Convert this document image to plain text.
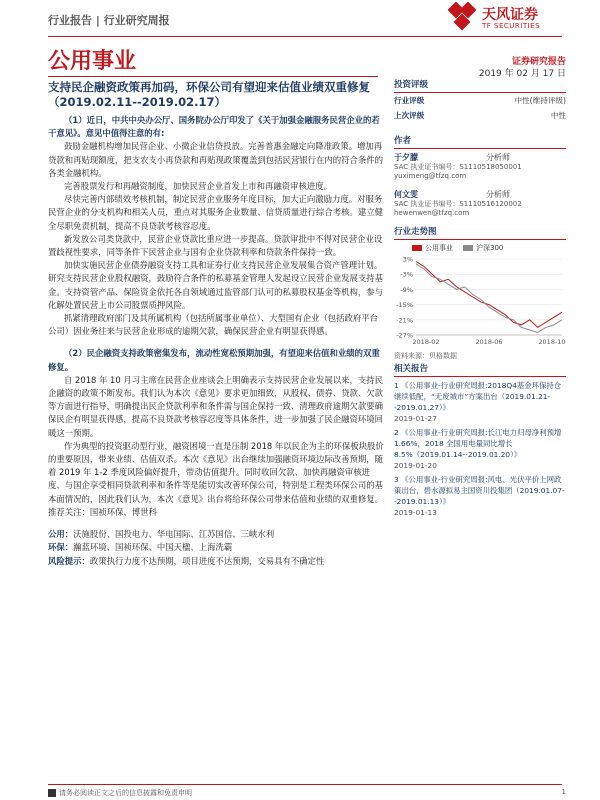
行业报告 | 行业研究周报	天风证券
TF SECURITIES
公用事业	证券研究报告
2019 年 02 月 17 日
支持民企融资政策再加码，环保公司有望迎来估值业绩双重修复（2019.02.11--2019.02.17）

（1）近日，中共中央办公厅、国务院办公厅印发了《关于加强金融服务民营企业的若干意见》。意见中值得注意的有:

鼓励金融机构增加民营企业、小微企业信贷投放。完善普惠金融定向降准政策。增加再贷款和再贴现额度，把支农支小再贷款和再贴现政策覆盖到包括民营银行在内的符合条件的各类金融机构。

完善股票发行和再融资制度，加快民营企业首发上市和再融资审核进度。

尽快完善内部绩效考核机制，制定民营企业服务年度目标，加大正向激励力度。对服务民营企业的分支机构和相关人员，重点对其服务企业数量、信贷质量进行综合考核。建立健全尽职免责机制，提高不良贷款考核容忍度。

新发放公司类贷款中，民营企业贷款比重应进一步提高。贷款审批中不得对民营企业设置歧视性要求，同等条件下民营企业与国有企业贷款利率和贷款条件保持一致。

加快实施民营企业债券融资支持工具和证券行业支持民营企业发展集合资产管理计划。研究支持民营企业股权融资，鼓励符合条件的私募基金管理人发起设立民营企业发展支持基金。支持资管产品、保险资金依托各自领域通过监管部门认可的私募股权基金等机构，参与化解处置民营上市公司股票质押风险。

抓紧清理政府部门及其所属机构（包括所属事业单位）、大型国有企业（包括政府平台公司）因业务往来与民营企业形成的逾期欠款，确保民营企业有明显获得感。

（2）民企融资支持政策密集发布，流动性宽松预期加强，有望迎来估值和业绩的双重修复。

自 2018 年 10 月习主席在民营企业座谈会上明确表示支持民营企业发展以来，支持民企融资的政策不断发布。我们认为本次《意见》要求更加细致，从股权、债券、贷款、欠款等方面进行指导，明确提出民企贷款利率和条件需与国企保持一致、清理政府逾期欠款要确保民企有明显获得感，提高不良贷款考核容忍度等具体条件，进一步加强了民企融资环境回暖这一预期。

作为典型的投资驱动型行业，融资困境一直是压制 2018 年以民企为主的环保板块股价的重要原因，带来业绩、估值双杀。本次《意见》出台继续加强融资环境边际改善预期，随着 2019 年 1-2 季度风险偏好提升，带动估值提升。同时收回欠款、加快再融资审核进度、与国企享受相同贷款利率和条件等是能切实改善环保公司，特别是工程类环保公司的基本面情况的，因此我们认为，本次《意见》出台将给环保公司带来估值和业绩的双重修复。推荐关注：国祯环保、博世科

公用：沃施股份、国投电力、华电国际、江苏国信、三峡水利
环保：瀚蓝环境、国祯环保、中国天楹、上海洗霸
风险提示：政策执行力度不达预期，项目进度不达预期，交易具有不确定性
投资评级
行业评级	中性(维持评级)
上次评级	中性
作者
于夕朦	分析师
SAC 执业证书编号：S1110518050001
yuximeng@tfzq.com
何文雯	分析师
SAC 执业证书编号：S1110516120002
hewenwen@tfzq.com
行业走势图
公用事业	沪深300
3%
-3%
-9%
-15%
-21%
-27%
2018-02	2018-06	2018-10
资料来源：贝格数据
相关报告
1 《公用事业-行业研究周报:2018Q4基金环保持仓继续低配，“无废城市”方案出台（2019.01.21--2019.01.27）》
2019-01-27
2 《公用事业-行业研究周报:长江电力归母净利预增 1.66%，2018 全国用电量同比增长 8.5%（2019.01.14--2019.01.20）》
2019-01-20
3 《公用事业-行业研究周报:风电、光伏平价上网政策出台，碧水源拟易主国资川投集团（2019.01.07--2019.01.13）》
2019-01-13
请务必阅读正文之后的信息披露和免责申明	1
